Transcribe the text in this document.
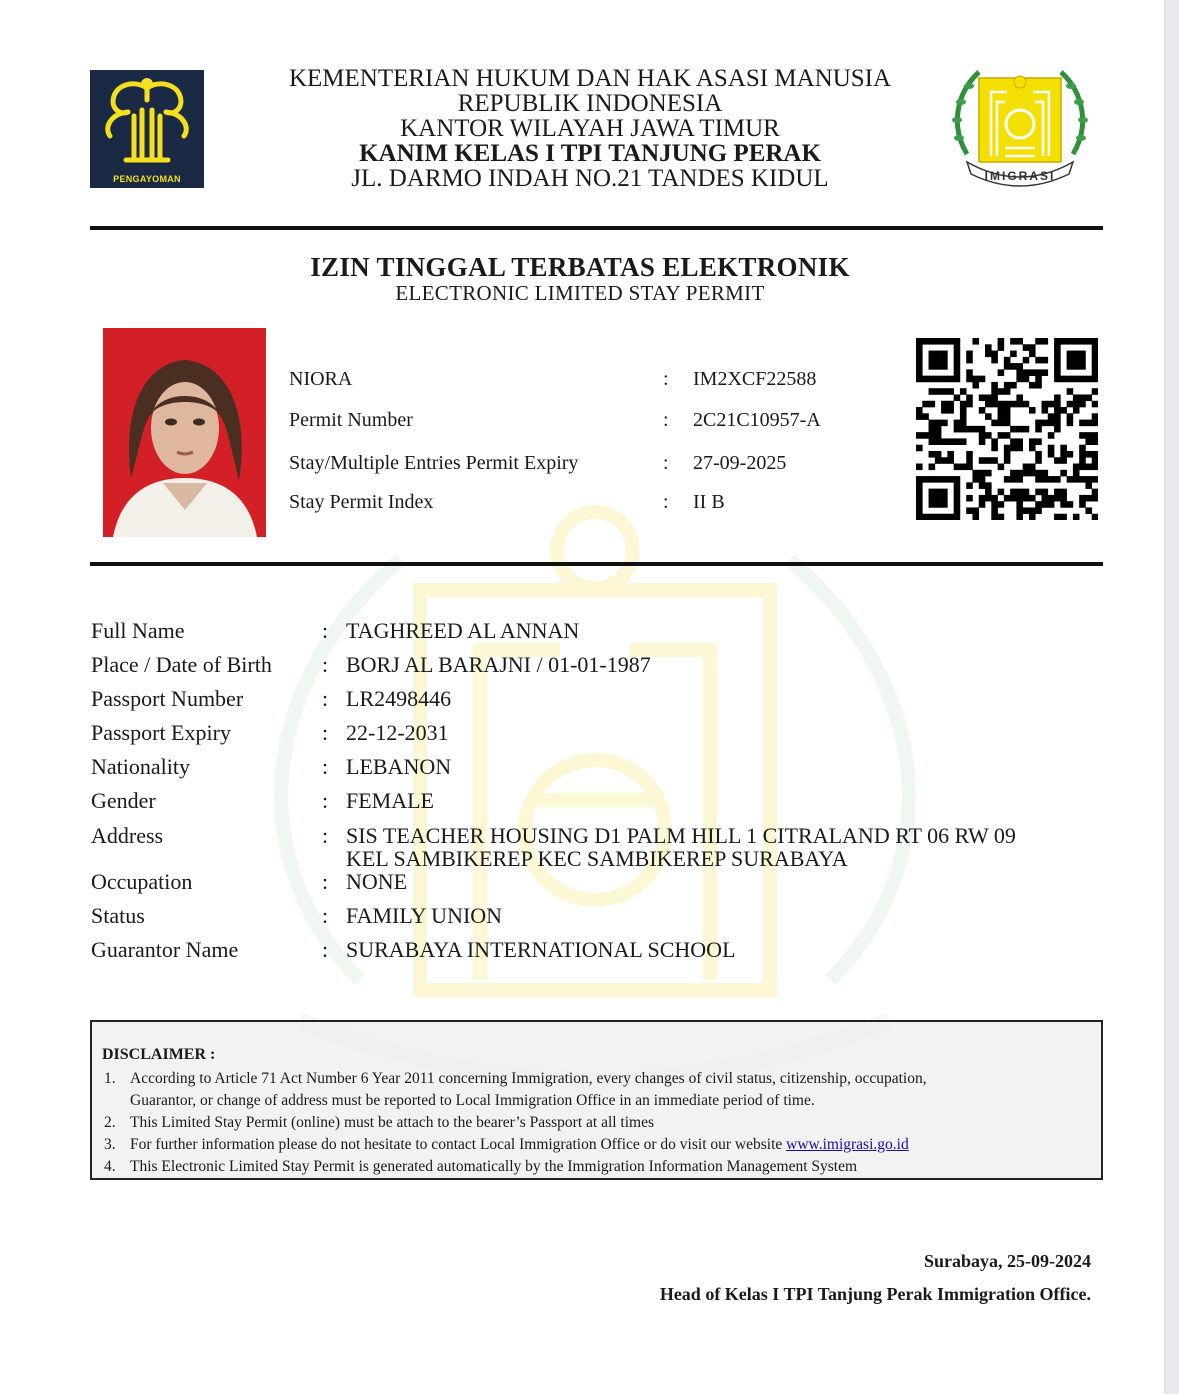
PENGAYOMAN
KEMENTERIAN HUKUM DAN HAK ASASI MANUSIA
REPUBLIK INDONESIA
KANTOR WILAYAH JAWA TIMUR
KANIM KELAS I TPI TANJUNG PERAK
JL. DARMO INDAH NO.21 TANDES KIDUL	IMIGRASI
IZIN TINGGAL TERBATAS ELEKTRONIK
ELECTRONIC LIMITED STAY PERMIT
NIORA	: IM2XCF22588
Permit Number	: 2C21C10957-A
Stay/Multiple Entries Permit Expiry	: 27-09-2025
Stay Permit Index	: II B
Full Name	: TAGHREED AL ANNAN
Place / Date of Birth : BORJ AL BARAJNI / 01-01-1987
Passport Number	: LR2498446
Passport Expiry	: 22-12-2031
Nationality	: LEBANON
Gender	: FEMALE
Address	: SIS TEACHER HOUSING D1 PALM HILL 1 CITRALAND RT 06 RW 09
KEL SAMBIKEREP KEC SAMBIKEREP SURABAYA
Occupation	: NONE
Status	: FAMILY UNION
Guarantor Name	: SURABAYA INTERNATIONAL SCHOOL
DISCLAIMER :
1. According to Article 71 Act Number 6 Year 2011 concerning Immigration, every changes of civil status, citizenship, occupation,
Guarantor, or change of address must be reported to Local Immigration Office in an immediate period of time.
2. This Limited Stay Permit (online) must be attach to the bearer’s Passport at all times
3. For further information please do not hesitate to contact Local Immigration Office or do visit our website www.imigrasi.go.id
4. This Electronic Limited Stay Permit is generated automatically by the Immigration Information Management System
Surabaya, 25-09-2024
Head of Kelas I TPI Tanjung Perak Immigration Office.
